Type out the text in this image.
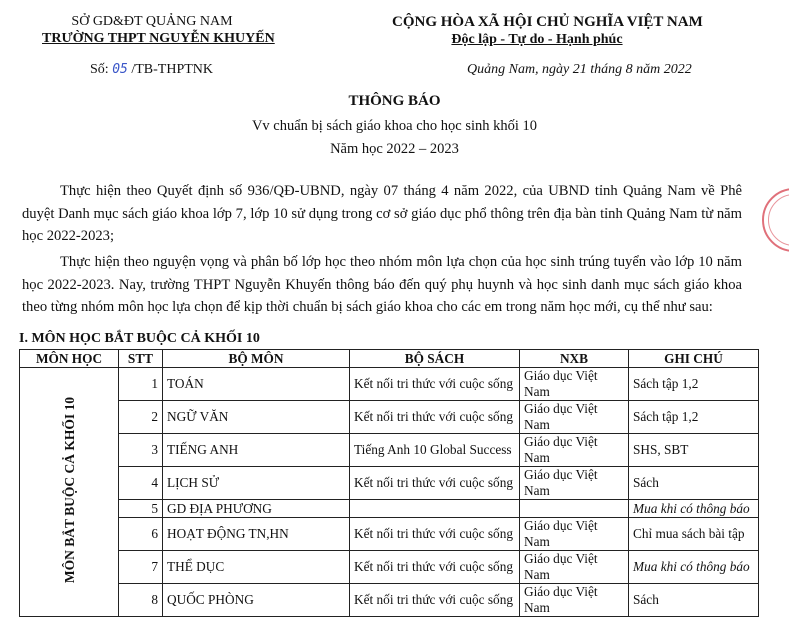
SỞ GD&ĐT QUẢNG NAM
TRƯỜNG THPT NGUYỄN KHUYẾN
Số: 05 /TB-THPTNK
CỘNG HÒA XÃ HỘI CHỦ NGHĨA VIỆT NAM
Độc lập - Tự do - Hạnh phúc
Quảng Nam, ngày 21 tháng 8 năm 2022
THÔNG BÁO
Vv chuẩn bị sách giáo khoa cho học sinh khối 10
Năm học 2022 – 2023
Thực hiện theo Quyết định số 936/QĐ-UBND, ngày 07 tháng 4 năm 2022, của UBND tỉnh Quảng Nam về Phê duyệt Danh mục sách giáo khoa lớp 7, lớp 10 sử dụng trong cơ sở giáo dục phổ thông trên địa bàn tỉnh Quảng Nam từ năm học 2022-2023;
Thực hiện theo nguyện vọng và phân bố lớp học theo nhóm môn lựa chọn của học sinh trúng tuyển vào lớp 10 năm học 2022-2023. Nay, trường THPT Nguyễn Khuyến thông báo đến quý phụ huynh và học sinh danh mục sách giáo khoa theo từng nhóm môn học lựa chọn để kịp thời chuẩn bị sách giáo khoa cho các em trong năm học mới, cụ thể như sau:
I. MÔN HỌC BẮT BUỘC CẢ KHỐI 10
MÔN HỌC	STT	BỘ MÔN	BỘ SÁCH	NXB	GHI CHÚ
MÔN BẮT BUỘC CẢ KHỐI 10	1	TOÁN	Kết nối tri thức với cuộc sống	Giáo dục Việt Nam	Sách tập 1,2
	2	NGỮ VĂN	Kết nối tri thức với cuộc sống	Giáo dục Việt Nam	Sách tập 1,2
	3	TIẾNG ANH	Tiếng Anh 10 Global Success	Giáo dục Việt Nam	SHS, SBT
	4	LỊCH SỬ	Kết nối tri thức với cuộc sống	Giáo dục Việt Nam	Sách
	5	GD ĐỊA PHƯƠNG			Mua khi có thông báo
	6	HOẠT ĐỘNG TN,HN	Kết nối tri thức với cuộc sống	Giáo dục Việt Nam	Chỉ mua sách bài tập
	7	THỂ DỤC	Kết nối tri thức với cuộc sống	Giáo dục Việt Nam	Mua khi có thông báo
	8	QUỐC PHÒNG	Kết nối tri thức với cuộc sống	Giáo dục Việt Nam	Sách
